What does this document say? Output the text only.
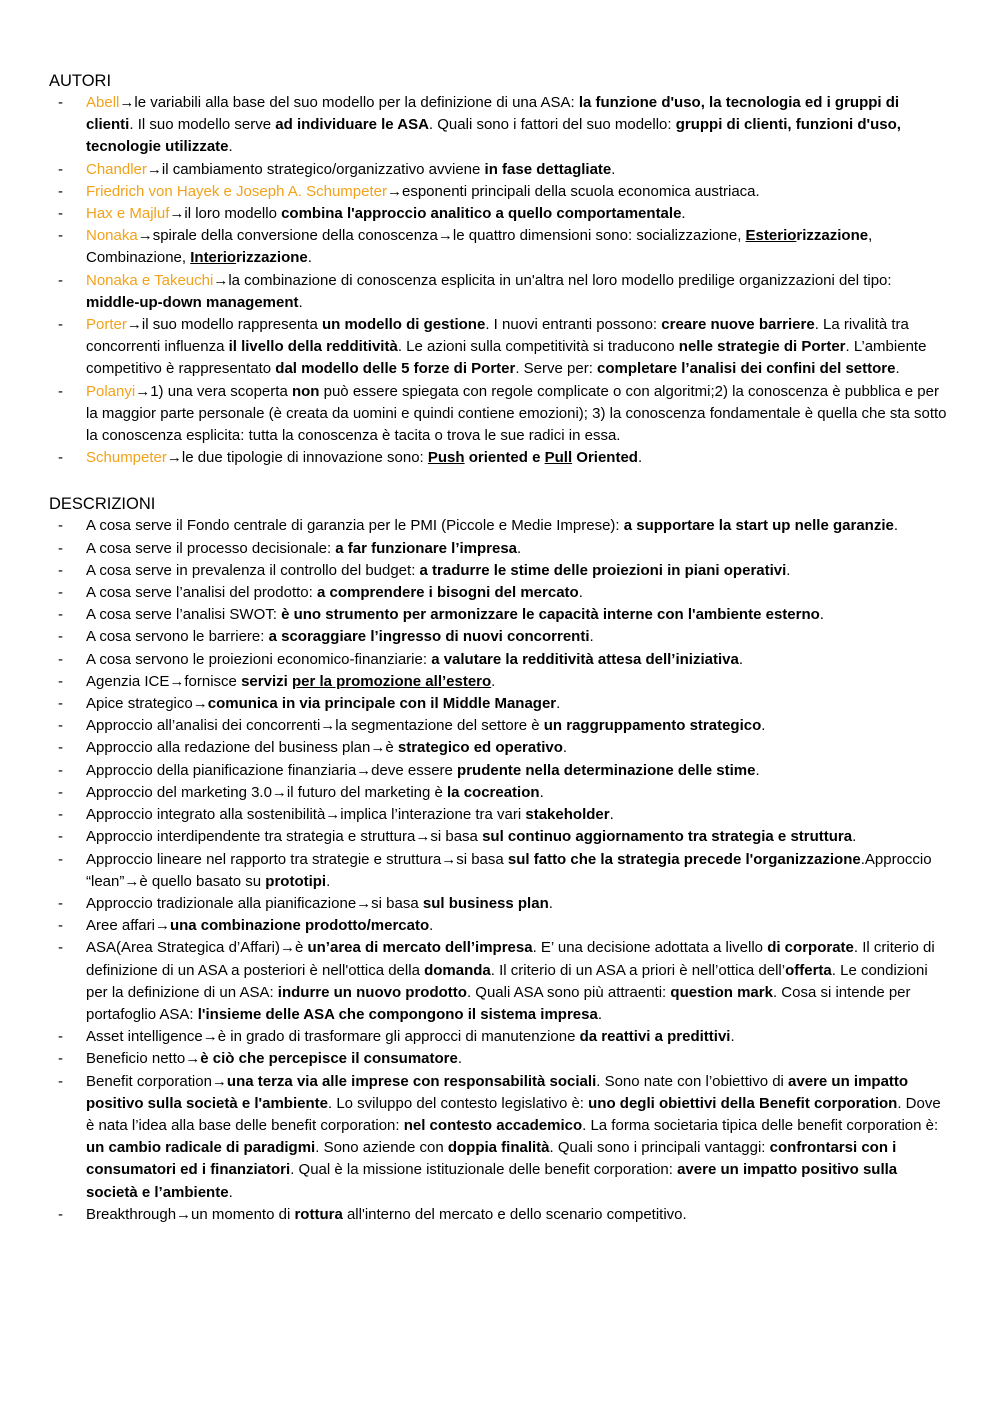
AUTORI
- Abell→le variabili alla base del suo modello per la definizione di una ASA: la funzione d'uso, la tecnologia ed i gruppi di clienti. Il suo modello serve ad individuare le ASA. Quali sono i fattori del suo modello: gruppi di clienti, funzioni d'uso, tecnologie utilizzate.
- Chandler→il cambiamento strategico/organizzativo avviene in fase dettagliate.
- Friedrich von Hayek e Joseph A. Schumpeter→esponenti principali della scuola economica austriaca.
- Hax e Majluf→il loro modello combina l'approccio analitico a quello comportamentale.
- Nonaka→spirale della conversione della conoscenza→le quattro dimensioni sono: socializzazione, Esteriorizzazione, Combinazione, Interiorizzazione.
- Nonaka e Takeuchi→la combinazione di conoscenza esplicita in un'altra nel loro modello predilige organizzazioni del tipo: middle-up-down management.
- Porter→il suo modello rappresenta un modello di gestione. I nuovi entranti possono: creare nuove barriere. La rivalità tra concorrenti influenza il livello della redditività. Le azioni sulla competitività si traducono nelle strategie di Porter. L’ambiente competitivo è rappresentato dal modello delle 5 forze di Porter. Serve per: completare l’analisi dei confini del settore.
- Polanyi→1) una vera scoperta non può essere spiegata con regole complicate o con algoritmi;2) la conoscenza è pubblica e per la maggior parte personale (è creata da uomini e quindi contiene emozioni); 3) la conoscenza fondamentale è quella che sta sotto la conoscenza esplicita: tutta la conoscenza è tacita o trova le sue radici in essa.
- Schumpeter→le due tipologie di innovazione sono: Push oriented e Pull Oriented.
DESCRIZIONI
- A cosa serve il Fondo centrale di garanzia per le PMI (Piccole e Medie Imprese): a supportare la start up nelle garanzie.
- A cosa serve il processo decisionale: a far funzionare l’impresa.
- A cosa serve in prevalenza il controllo del budget: a tradurre le stime delle proiezioni in piani operativi.
- A cosa serve l’analisi del prodotto: a comprendere i bisogni del mercato.
- A cosa serve l’analisi SWOT: è uno strumento per armonizzare le capacità interne con l'ambiente esterno.
- A cosa servono le barriere: a scoraggiare l’ingresso di nuovi concorrenti.
- A cosa servono le proiezioni economico-finanziarie: a valutare la redditività attesa dell’iniziativa.
- Agenzia ICE→fornisce servizi per la promozione all’estero.
- Apice strategico→comunica in via principale con il Middle Manager.
- Approccio all’analisi dei concorrenti→la segmentazione del settore è un raggruppamento strategico.
- Approccio alla redazione del business plan→è strategico ed operativo.
- Approccio della pianificazione finanziaria→deve essere prudente nella determinazione delle stime.
- Approccio del marketing 3.0→il futuro del marketing è la cocreation.
- Approccio integrato alla sostenibilità→implica l’interazione tra vari stakeholder.
- Approccio interdipendente tra strategia e struttura→si basa sul continuo aggiornamento tra strategia e struttura.
- Approccio lineare nel rapporto tra strategie e struttura→si basa sul fatto che la strategia precede l'organizzazione.Approccio “lean”→è quello basato su prototipi.
- Approccio tradizionale alla pianificazione→si basa sul business plan.
- Aree affari→una combinazione prodotto/mercato.
- ASA(Area Strategica d’Affari)→è un’area di mercato dell’impresa. E’ una decisione adottata a livello di corporate. Il criterio di definizione di un ASA a posteriori è nell'ottica della domanda. Il criterio di un ASA a priori è nell’ottica dell’offerta. Le condizioni per la definizione di un ASA: indurre un nuovo prodotto. Quali ASA sono più attraenti: question mark. Cosa si intende per portafoglio ASA: l'insieme delle ASA che compongono il sistema impresa.
- Asset intelligence→è in grado di trasformare gli approcci di manutenzione da reattivi a predittivi.
- Beneficio netto→è ciò che percepisce il consumatore.
- Benefit corporation→una terza via alle imprese con responsabilità sociali. Sono nate con l’obiettivo di avere un impatto positivo sulla società e l'ambiente. Lo sviluppo del contesto legislativo è: uno degli obiettivi della Benefit corporation. Dove è nata l’idea alla base delle benefit corporation: nel contesto accademico. La forma societaria tipica delle benefit corporation è: un cambio radicale di paradigmi. Sono aziende con doppia finalità. Quali sono i principali vantaggi: confrontarsi con i consumatori ed i finanziatori. Qual è la missione istituzionale delle benefit corporation: avere un impatto positivo sulla società e l’ambiente.
- Breakthrough→un momento di rottura all'interno del mercato e dello scenario competitivo.
